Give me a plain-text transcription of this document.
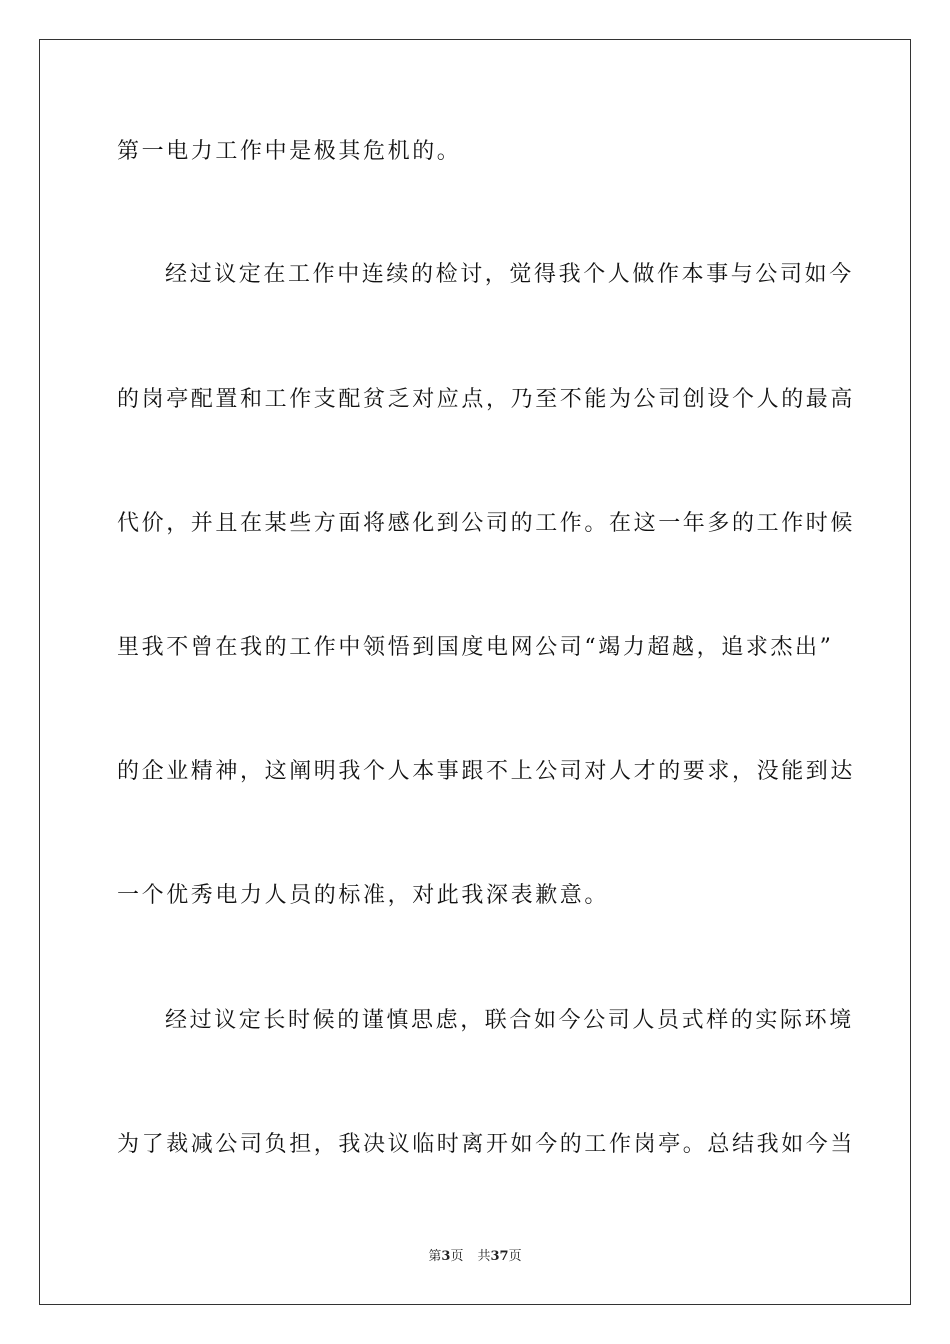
第一电力工作中是极其危机的。
经过议定在工作中连续的检讨，觉得我个人做作本事与公司如今
的岗亭配置和工作支配贫乏对应点，乃至不能为公司创设个人的最高
代价，并且在某些方面将感化到公司的工作。在这一年多的工作时候
里我不曾在我的工作中领悟到国度电网公司“竭力超越，追求杰出”
的企业精神，这阐明我个人本事跟不上公司对人才的要求，没能到达
一个优秀电力人员的标准，对此我深表歉意。
经过议定长时候的谨慎思虑，联合如今公司人员式样的实际环境
为了裁减公司负担，我决议临时离开如今的工作岗亭。总结我如今当
第3页 共37页
